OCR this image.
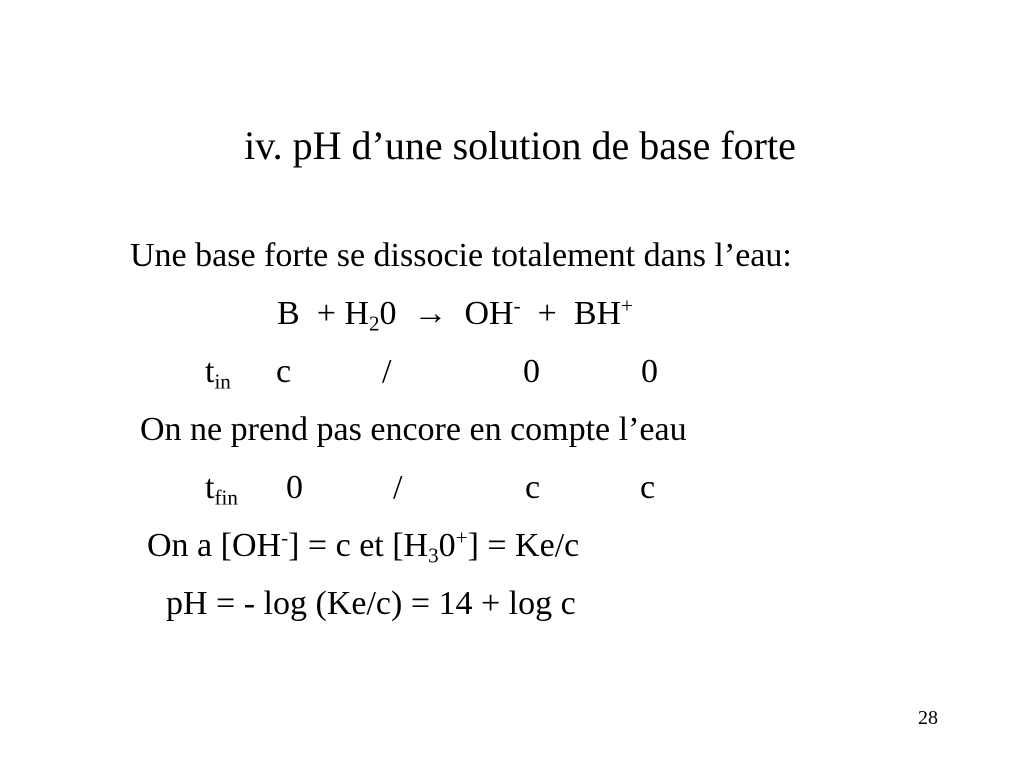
iv. pH d’une solution de base forte
Une base forte se dissocie totalement dans l’eau:
$B + H_20 \to OH^- + BH^+$
$t_{in}$ c	/	0	0
On ne prend pas encore en compte l’eau
$t_{fin}$ 0	/	c	c
On a [OH-] = c et $[H_30^+] = Ke/c$
pH = - log (Ke/c) = 14 + log c
28
